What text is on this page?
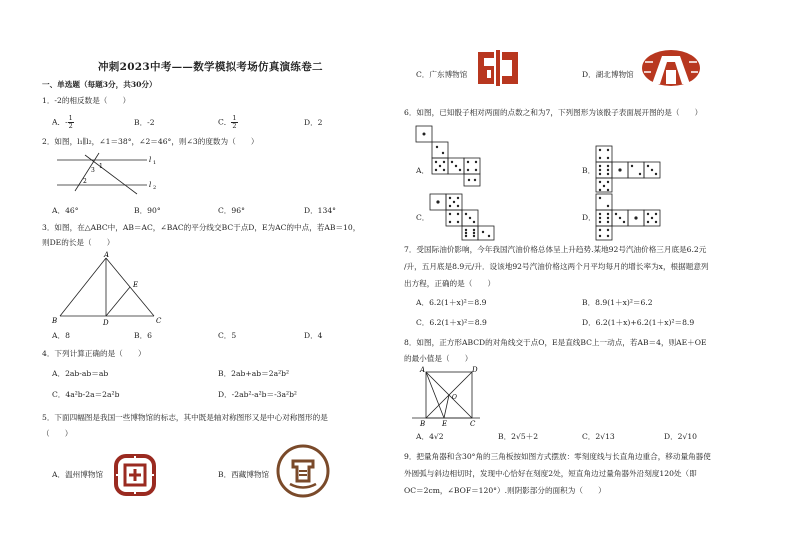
冲刺2023中考——数学模拟考场仿真演练卷二
一、单选题（每题3分，共30分）
1．-2的相反数是（　　）
A．- $\frac{1}{2}$	B．-2	C． $\frac{1}{2}$	D．2
2．如图，l₁∥l₂，∠1＝38°，∠2＝46°，则∠3的度数为（　　）
l 1
l 2
1
2
3
A．46°	B．90°	C．96°	D．134°
3．如图，在△ABC中，AB＝AC，∠BAC的平分线交BC于点D，E为AC的中点，若AB＝10，
则DE的长是（　　）
A
B	C
D
E
A．8	B．6	C．5	D．4
4．下列计算正确的是（　　）
A．2ab-ab＝ab	B．2ab+ab＝2a²b²
C．4a²b-2a＝2a²b	D．-2ab²-a²b＝-3a²b²
5．下面四幅图是我国一些博物馆的标志，其中既是轴对称图形又是中心对称图形的是
（　　）
A．温州博物馆	B．西藏博物馆
C．广东博物馆	D．湖北博物馆
6．如图，已知骰子相对两面的点数之和为7，下列图形为该骰子表面展开图的是（　　）
A．	B．
C．	D．
7．受国际油价影响，今年我国汽油价格总体呈上升趋势.某地92号汽油价格三月底是6.2元
/升，五月底是8.9元/升．设该地92号汽油价格这两个月平均每月的增长率为x，根据题意列
出方程，正确的是（　　）
A．6.2(1＋x)²＝8.9	B．8.9(1＋x)²＝6.2
C．6.2(1＋x)²＝8.9	D．6.2(1＋x)+6.2(1＋x)²＝8.9
8．如图，正方形ABCD的对角线交于点O，E是直线BC上一动点，若AB＝4，则AE＋OE
的最小值是（　　）
A
B	C
D
O
E
A．4√2	B．2√5＋2	C．2√13	D．2√10
9．把量角器和含30°角的三角板按如图方式摆放：零刻度线与长直角边重合，移动量角器使
外圆弧与斜边相切时，发现中心恰好在刻度2处，短直角边过量角器外沿刻度120处（即
OC＝2cm，∠BOF＝120°）.则阴影部分的面积为（　　）
